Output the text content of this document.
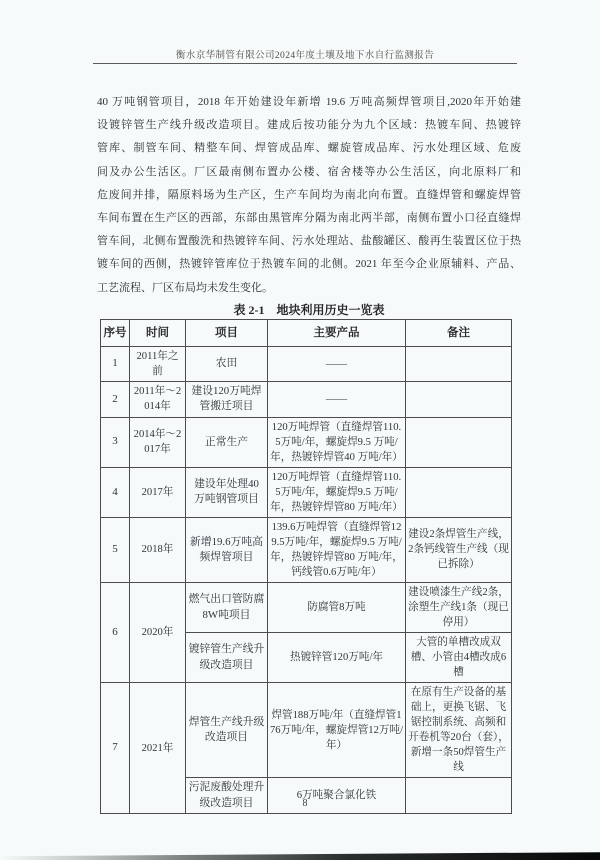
衡水京华制管有限公司2024年度土壤及地下水自行监测报告
40 万吨钢管项目，2018 年开始建设年新增 19.6 万吨高频焊管项目,2020年开始建
设镀锌管生产线升级改造项目。建成后按功能分为九个区域：热镀车间、热镀锌
管库、制管车间、精整车间、焊管成品库、螺旋管成品库、污水处理区域、危废
间及办公生活区。厂区最南侧布置办公楼、宿舍楼等办公生活区，向北原料厂和
危废间并排，隔原料场为生产区，生产车间均为南北向布置。直缝焊管和螺旋焊管
车间布置在生产区的西部，东部由黑管库分隔为南北两半部，南侧布置小口径直缝焊
管车间，北侧布置酸洗和热镀锌车间、污水处理站、盐酸罐区、酸再生装置区位于热
镀车间的西侧，热镀锌管库位于热镀车间的北侧。2021 年至今企业原辅料、产品、
工艺流程、厂区布局均未发生变化。
表 2-1　地块利用历史一览表
序号	时间	项目	主要产品	备注
1	2011年之前	农田	——	
2	2011年～2014年	建设120万吨焊管搬迁项目	——	
3	2014年～2017年	正常生产	120万吨焊管（直缝焊管110.5万吨/年，螺旋焊9.5 万吨/年，热镀锌焊管40 万吨/年）	
4	2017年	建设年处理40 万吨钢管项目	120万吨焊管（直缝焊管110.5万吨/年，螺旋焊9.5 万吨/年，热镀锌焊管80 万吨/年）	
5	2018年	新增19.6万吨高频焊管项目	139.6万吨焊管（直缝焊管129.5万吨/年，螺旋焊9.5 万吨/年，热镀锌焊管80 万吨/年，钙线管0.6万吨/年）	建设2条焊管生产线，2条钙线管生产线（现已拆除）
6	2020年	燃气出口管防腐8W吨项目	防腐管8万吨	建设喷漆生产线2条，涂塑生产线1条（现已停用）
		镀锌管生产线升级改造项目	热镀锌管120万吨/年	大管的单槽改成双槽、小管由4槽改成6槽
7	2021年	焊管生产线升级改造项目	焊管188万吨/年（直缝焊管176万吨/年，螺旋焊管12万吨/年）	在原有生产设备的基础上，更换飞锯、飞锯控制系统、高频和开卷机等20台（套），新增一条50焊管生产线
		污泥废酸处理升级改造项目	6万吨聚合氯化铁	
8
